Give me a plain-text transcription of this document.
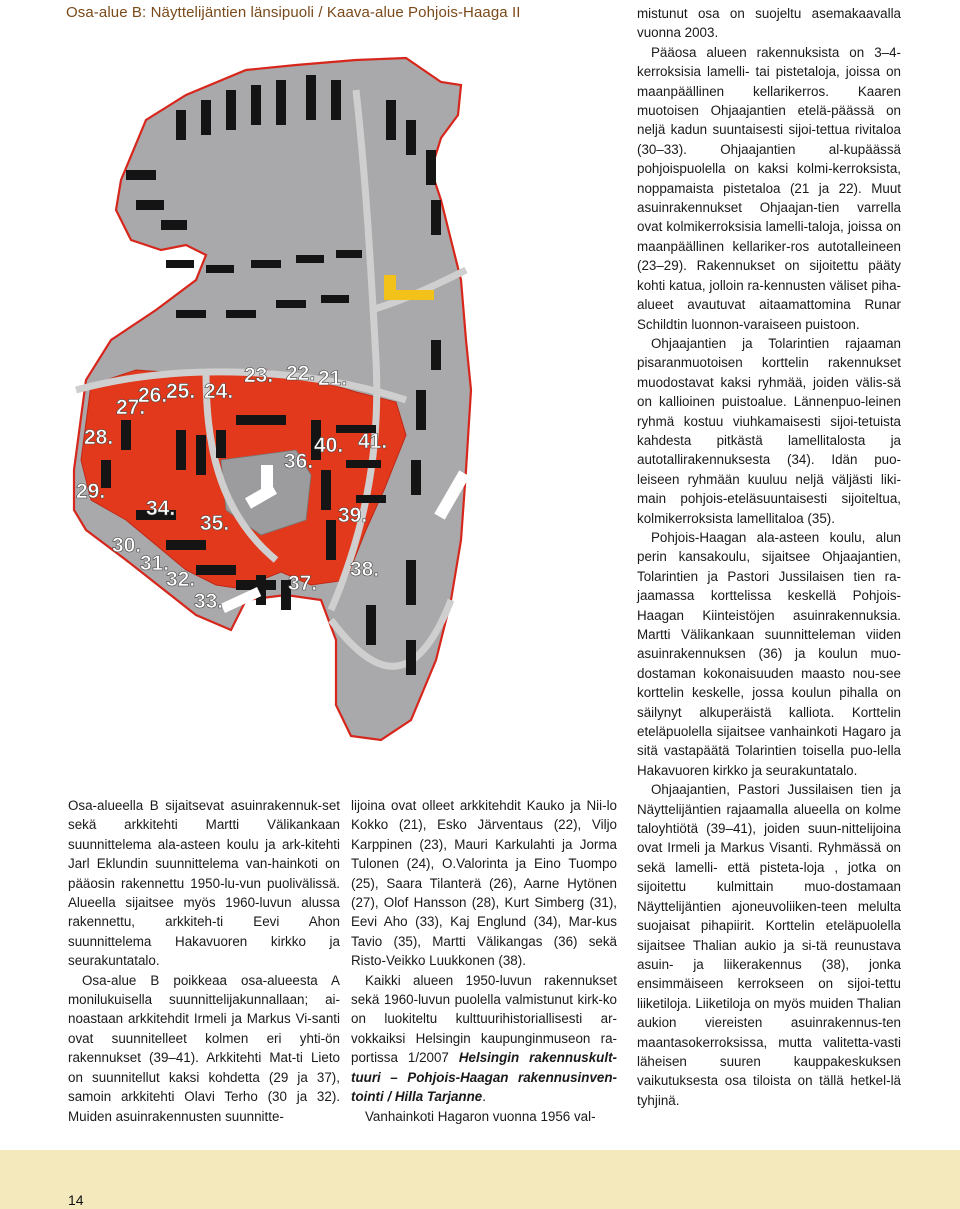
Osa-alue B: Näyttelijäntien länsipuoli / Kaava-alue Pohjois-Haaga II
21.
22.
23.
24.
25.
26.
27.
28.
29.
30.
31.
32.
33.
34.
35.
36.
37.
38.
39.
40. 41.

Osa-alueella B sijaitsevat asuinrakennuk-set sekä arkkitehti Martti Välikankaan suunnittelema ala-asteen koulu ja ark-kitehti Jarl Eklundin suunnittelema van-hainkoti on pääosin rakennettu 1950-lu-vun puolivälissä. Alueella sijaitsee myös 1960-luvun alussa rakennettu, arkkiteh-ti Eevi Ahon suunnittelema Hakavuoren kirkko ja seurakuntatalo.

Osa-alue B poikkeaa osa-alueesta A monilukuisella suunnittelijakunnallaan; ai-noastaan arkkitehdit Irmeli ja Markus Vi-santi ovat suunnitelleet kolmen eri yhti-ön rakennukset (39–41). Arkkitehti Mat-ti Lieto on suunnitellut kaksi kohdetta (29 ja 37), samoin arkkitehti Olavi Terho (30 ja 32). Muiden asuinrakennusten suunnitte-

lijoina ovat olleet arkkitehdit Kauko ja Nii-lo Kokko (21), Esko Järventaus (22), Viljo Karppinen (23), Mauri Karkulahti ja Jorma Tulonen (24), O.Valorinta ja Eino Tuompo (25), Saara Tilanterä (26), Aarne Hytönen (27), Olof Hansson (28), Kurt Simberg (31), Eevi Aho (33), Kaj Englund (34), Mar-kus Tavio (35), Martti Välikangas (36) sekä Risto-Veikko Luukkonen (38).

Kaikki alueen 1950-luvun rakennukset sekä 1960-luvun puolella valmistunut kirk-ko on luokiteltu kulttuurihistoriallisesti ar-vokkaiksi Helsingin kaupunginmuseon ra-portissa 1/2007 Helsingin rakennuskult-tuuri – Pohjois-Haagan rakennusinven-tointi / Hilla Tarjanne.

Vanhainkoti Hagaron vuonna 1956 val-

mistunut osa on suojeltu asemakaavalla vuonna 2003.

Pääosa alueen rakennuksista on 3–4-kerroksisia lamelli- tai pistetaloja, joissa on maanpäällinen kellarikerros. Kaaren muotoisen Ohjaajantien etelä-päässä on neljä kadun suuntaisesti sijoi-tettua rivitaloa (30–33). Ohjaajantien al-kupäässä pohjoispuolella on kaksi kolmi-kerroksista, noppamaista pistetaloa (21 ja 22). Muut asuinrakennukset Ohjaajan-tien varrella ovat kolmikerroksisia lamelli-taloja, joissa on maanpäällinen kellariker-ros autotalleineen (23–29). Rakennukset on sijoitettu pääty kohti katua, jolloin ra-kennusten väliset piha-alueet avautuvat aitaamattomina Runar Schildtin luonnon-varaiseen puistoon.

Ohjaajantien ja Tolarintien rajaaman pisaranmuotoisen korttelin rakennukset muodostavat kaksi ryhmää, joiden välis-sä on kallioinen puistoalue. Lännenpuo-leinen ryhmä kostuu viuhkamaisesti sijoi-tetuista kahdesta pitkästä lamellitalosta ja autotallirakennuksesta (34). Idän puo-leiseen ryhmään kuuluu neljä väljästi liki-main pohjois-eteläsuuntaisesti sijoiteltua, kolmikerroksista lamellitaloa (35).

Pohjois-Haagan ala-asteen koulu, alun perin kansakoulu, sijaitsee Ohjaajantien, Tolarintien ja Pastori Jussilaisen tien ra-jaamassa korttelissa keskellä Pohjois-Haagan Kiinteistöjen asuinrakennuksia. Martti Välikankaan suunnitteleman viiden asuinrakennuksen (36) ja koulun muo-dostaman kokonaisuuden maasto nou-see korttelin keskelle, jossa koulun pihalla on säilynyt alkuperäistä kalliota. Korttelin eteläpuolella sijaitsee vanhainkoti Hagaro ja sitä vastapäätä Tolarintien toisella puo-lella Hakavuoren kirkko ja seurakuntatalo.

Ohjaajantien, Pastori Jussilaisen tien ja Näyttelijäntien rajaamalla alueella on kolme taloyhtiötä (39–41), joiden suun-nittelijoina ovat Irmeli ja Markus Visanti. Ryhmässä on sekä lamelli- että pisteta-loja , jotka on sijoitettu kulmittain muo-dostamaan Näyttelijäntien ajoneuvoliiken-teen melulta suojaisat pihapiirit. Korttelin eteläpuolella sijaitsee Thalian aukio ja si-tä reunustava asuin- ja liikerakennus (38), jonka ensimmäiseen kerrokseen on sijoi-tettu liiketiloja. Liiketiloja on myös muiden Thalian aukion viereisten asuinrakennus-ten maantasokerroksissa, mutta valitetta-vasti läheisen suuren kauppakeskuksen vaikutuksesta osa tiloista on tällä hetkel-lä tyhjinä.

14
